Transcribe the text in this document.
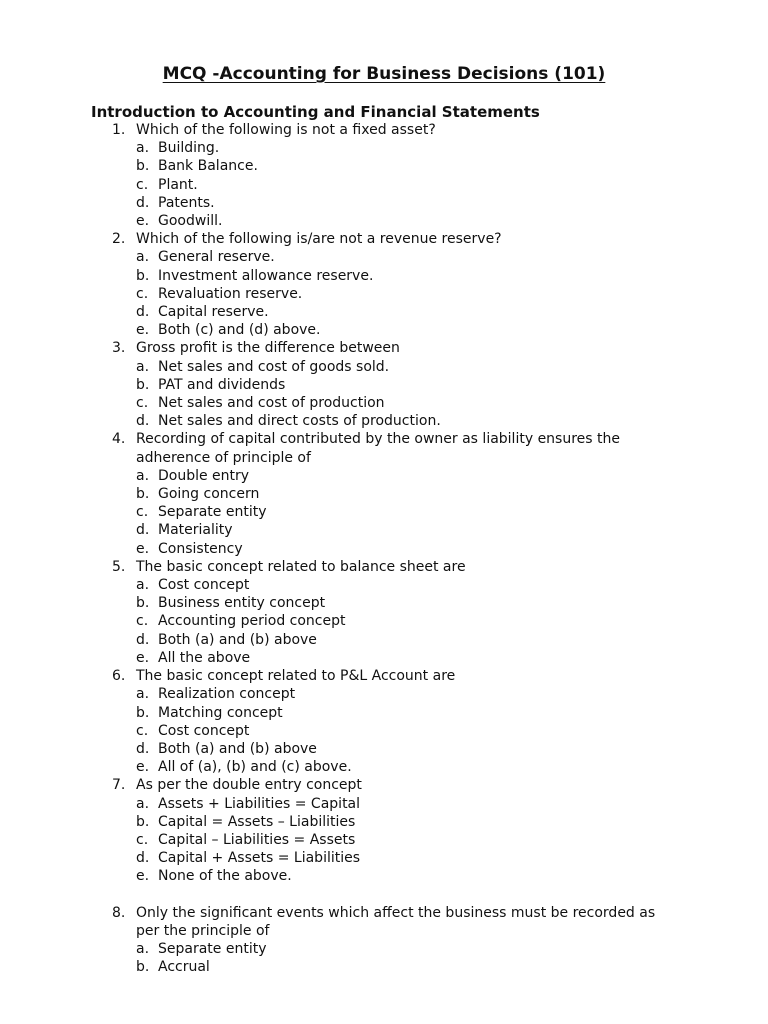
MCQ -Accounting for Business Decisions (101)
Introduction to Accounting and Financial Statements
1. Which of the following is not a fixed asset?
a. Building.
b. Bank Balance.
c. Plant.
d. Patents.
e. Goodwill.
2. Which of the following is/are not a revenue reserve?
a. General reserve.
b. Investment allowance reserve.
c. Revaluation reserve.
d. Capital reserve.
e. Both (c) and (d) above.
3. Gross profit is the difference between
a. Net sales and cost of goods sold.
b. PAT and dividends
c. Net sales and cost of production
d. Net sales and direct costs of production.
4. Recording of capital contributed by the owner as liability ensures the adherence of principle of
a. Double entry
b. Going concern
c. Separate entity
d. Materiality
e. Consistency
5. The basic concept related to balance sheet are
a. Cost concept
b. Business entity concept
c. Accounting period concept
d. Both (a) and (b) above
e. All the above
6. The basic concept related to P&L Account are
a. Realization concept
b. Matching concept
c. Cost concept
d. Both (a) and (b) above
e. All of (a), (b) and (c) above.
7. As per the double entry concept
a. Assets + Liabilities = Capital
b. Capital = Assets – Liabilities
c. Capital – Liabilities = Assets
d. Capital + Assets = Liabilities
e. None of the above.
8. Only the significant events which affect the business must be recorded as per the principle of
a. Separate entity
b. Accrual
